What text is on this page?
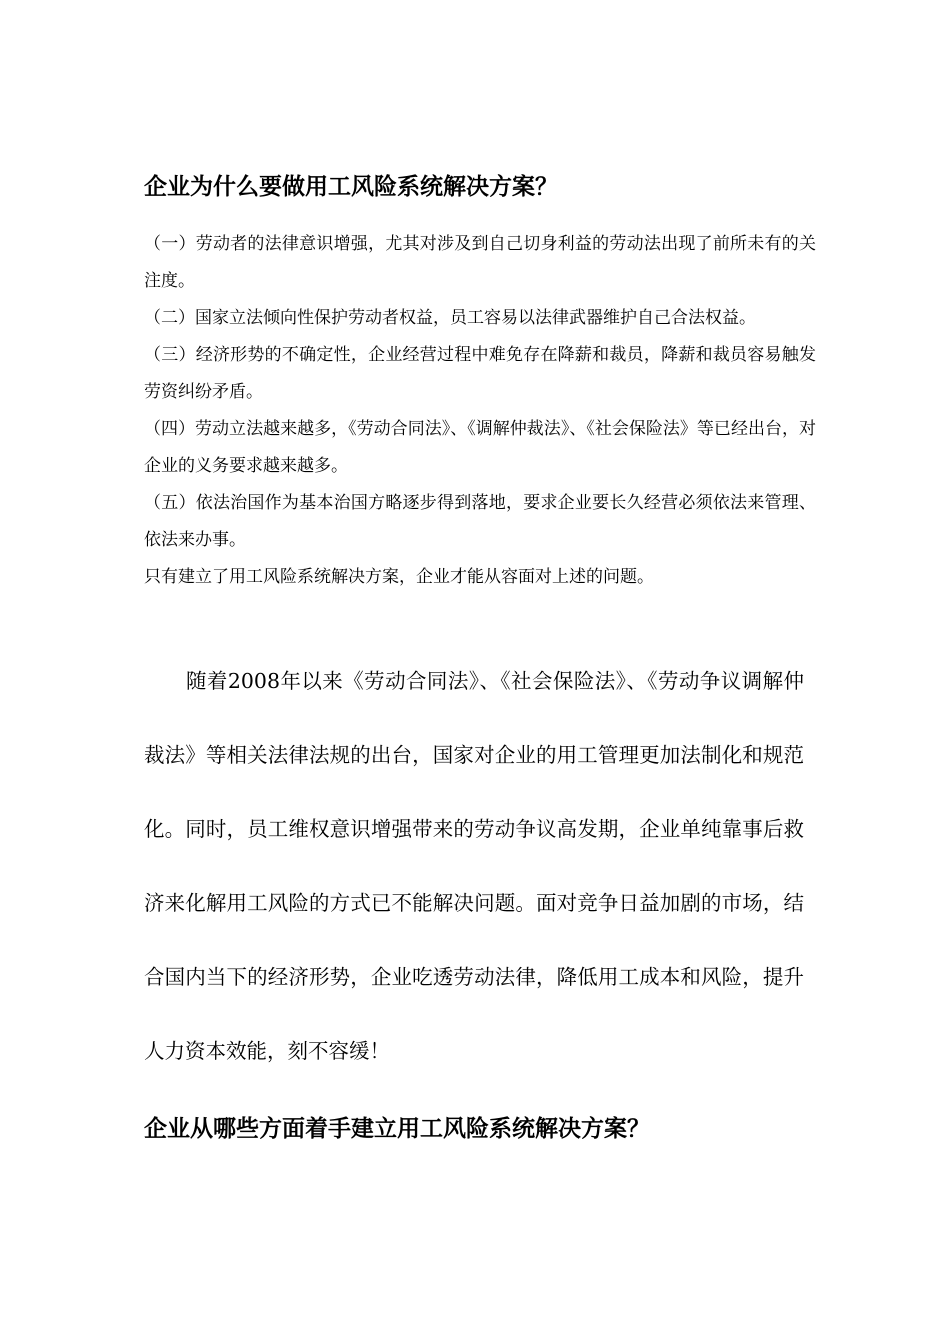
企业为什么要做用工风险系统解决方案？

（一）劳动者的法律意识增强，尤其对涉及到自己切身利益的劳动法出现了前所未有的关注度。

（二）国家立法倾向性保护劳动者权益，员工容易以法律武器维护自己合法权益。

（三）经济形势的不确定性，企业经营过程中难免存在降薪和裁员，降薪和裁员容易触发劳资纠纷矛盾。

（四）劳动立法越来越多，《劳动合同法》、《调解仲裁法》、《社会保险法》等已经出台，对企业的义务要求越来越多。

（五）依法治国作为基本治国方略逐步得到落地，要求企业要长久经营必须依法来管理、依法来办事。

只有建立了用工风险系统解决方案，企业才能从容面对上述的问题。

随着2008年以来《劳动合同法》、《社会保险法》、《劳动争议调解仲裁法》等相关法律法规的出台，国家对企业的用工管理更加法制化和规范化。同时，员工维权意识增强带来的劳动争议高发期，企业单纯靠事后救济来化解用工风险的方式已不能解决问题。面对竞争日益加剧的市场，结合国内当下的经济形势，企业吃透劳动法律，降低用工成本和风险，提升人力资本效能，刻不容缓！

企业从哪些方面着手建立用工风险系统解决方案？
